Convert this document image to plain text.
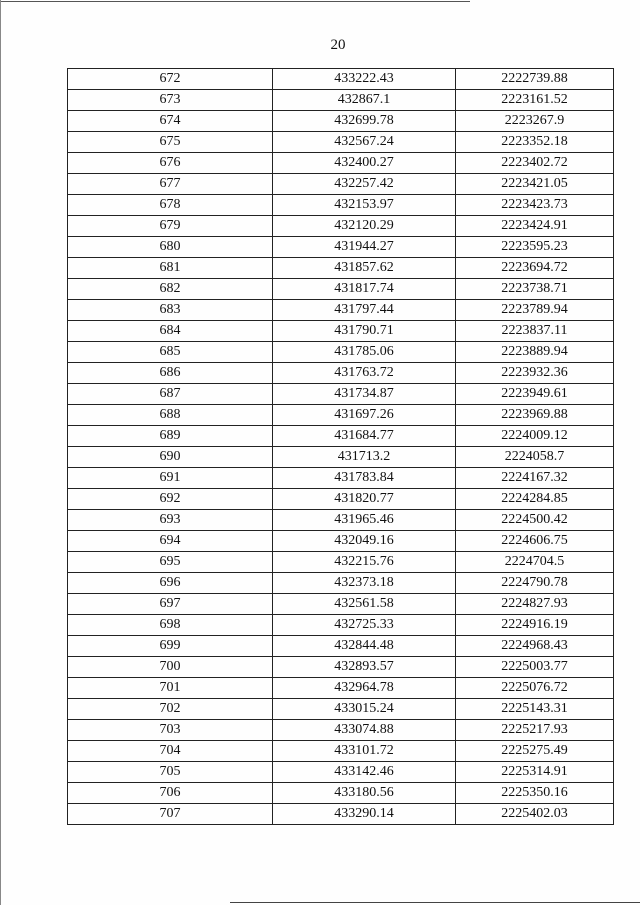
20
672	433222.43	2222739.88
673	432867.1	2223161.52
674	432699.78	2223267.9
675	432567.24	2223352.18
676	432400.27	2223402.72
677	432257.42	2223421.05
678	432153.97	2223423.73
679	432120.29	2223424.91
680	431944.27	2223595.23
681	431857.62	2223694.72
682	431817.74	2223738.71
683	431797.44	2223789.94
684	431790.71	2223837.11
685	431785.06	2223889.94
686	431763.72	2223932.36
687	431734.87	2223949.61
688	431697.26	2223969.88
689	431684.77	2224009.12
690	431713.2	2224058.7
691	431783.84	2224167.32
692	431820.77	2224284.85
693	431965.46	2224500.42
694	432049.16	2224606.75
695	432215.76	2224704.5
696	432373.18	2224790.78
697	432561.58	2224827.93
698	432725.33	2224916.19
699	432844.48	2224968.43
700	432893.57	2225003.77
701	432964.78	2225076.72
702	433015.24	2225143.31
703	433074.88	2225217.93
704	433101.72	2225275.49
705	433142.46	2225314.91
706	433180.56	2225350.16
707	433290.14	2225402.03
